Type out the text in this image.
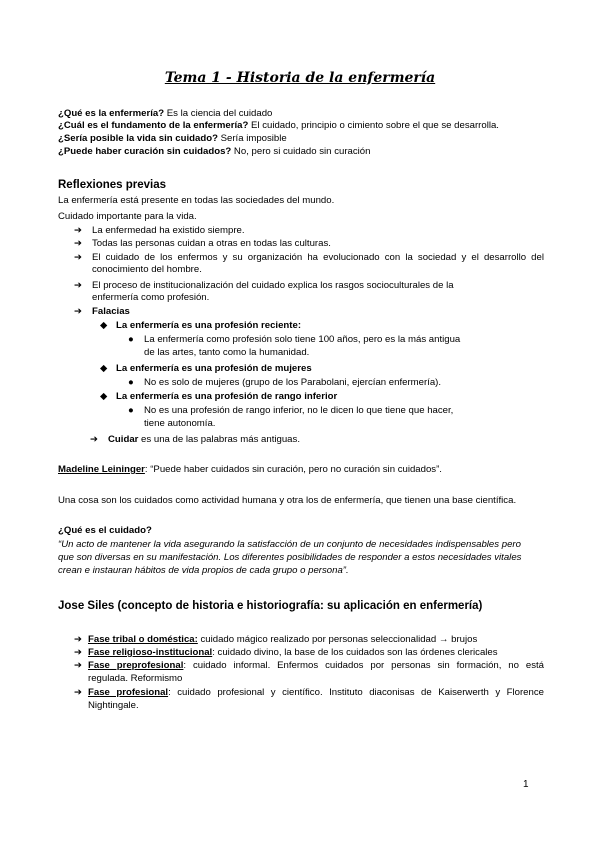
Tema 1 - Historia de la enfermería
¿Qué es la enfermería? Es la ciencia del cuidado
¿Cuál es el fundamento de la enfermería? El cuidado, principio o cimiento sobre el que se desarrolla.
¿Sería posible la vida sin cuidado? Sería imposible
¿Puede haber curación sin cuidados? No, pero si cuidado sin curación
Reflexiones previas
La enfermería está presente en todas las sociedades del mundo.
Cuidado importante para la vida.
➔ La enfermedad ha existido siempre.
➔ Todas las personas cuidan a otras en todas las culturas.
➔ El cuidado de los enfermos y su organización ha evolucionado con la sociedad y el desarrollo del
conocimiento del hombre.
➔ El proceso de institucionalización del cuidado explica los rasgos socioculturales de la
enfermería como profesión.
➔ Falacias
◆ La enfermería es una profesión reciente:
● La enfermería como profesión solo tiene 100 años, pero es la más antigua
de las artes, tanto como la humanidad.
◆ La enfermería es una profesión de mujeres
● No es solo de mujeres (grupo de los Parabolani, ejercían enfermería).
◆ La enfermería es una profesión de rango inferior
● No es una profesión de rango inferior, no le dicen lo que tiene que hacer,
tiene autonomía.
➔ Cuidar es una de las palabras más antiguas.
Madeline Leininger: “Puede haber cuidados sin curación, pero no curación sin cuidados”.
Una cosa son los cuidados como actividad humana y otra los de enfermería, que tienen una base científica.
¿Qué es el cuidado?
“Un acto de mantener la vida asegurando la satisfacción de un conjunto de necesidades indispensables pero
que son diversas en su manifestación. Los diferentes posibilidades de responder a estos necesidades vitales
crean e instauran hábitos de vida propios de cada grupo o persona”.
Jose Siles (concepto de historia e historiografía: su aplicación en enfermería)
➔ Fase tribal o doméstica: cuidado mágico realizado por personas seleccionalidad → brujos
➔ Fase religioso-institucional: cuidado divino, la base de los cuidados son las órdenes clericales
➔ Fase preprofesional: cuidado informal. Enfermos cuidados por personas sin formación, no está
regulada. Reformismo
➔ Fase profesional: cuidado profesional y científico. Instituto diaconisas de Kaiserwerth y Florence
Nightingale.
1
